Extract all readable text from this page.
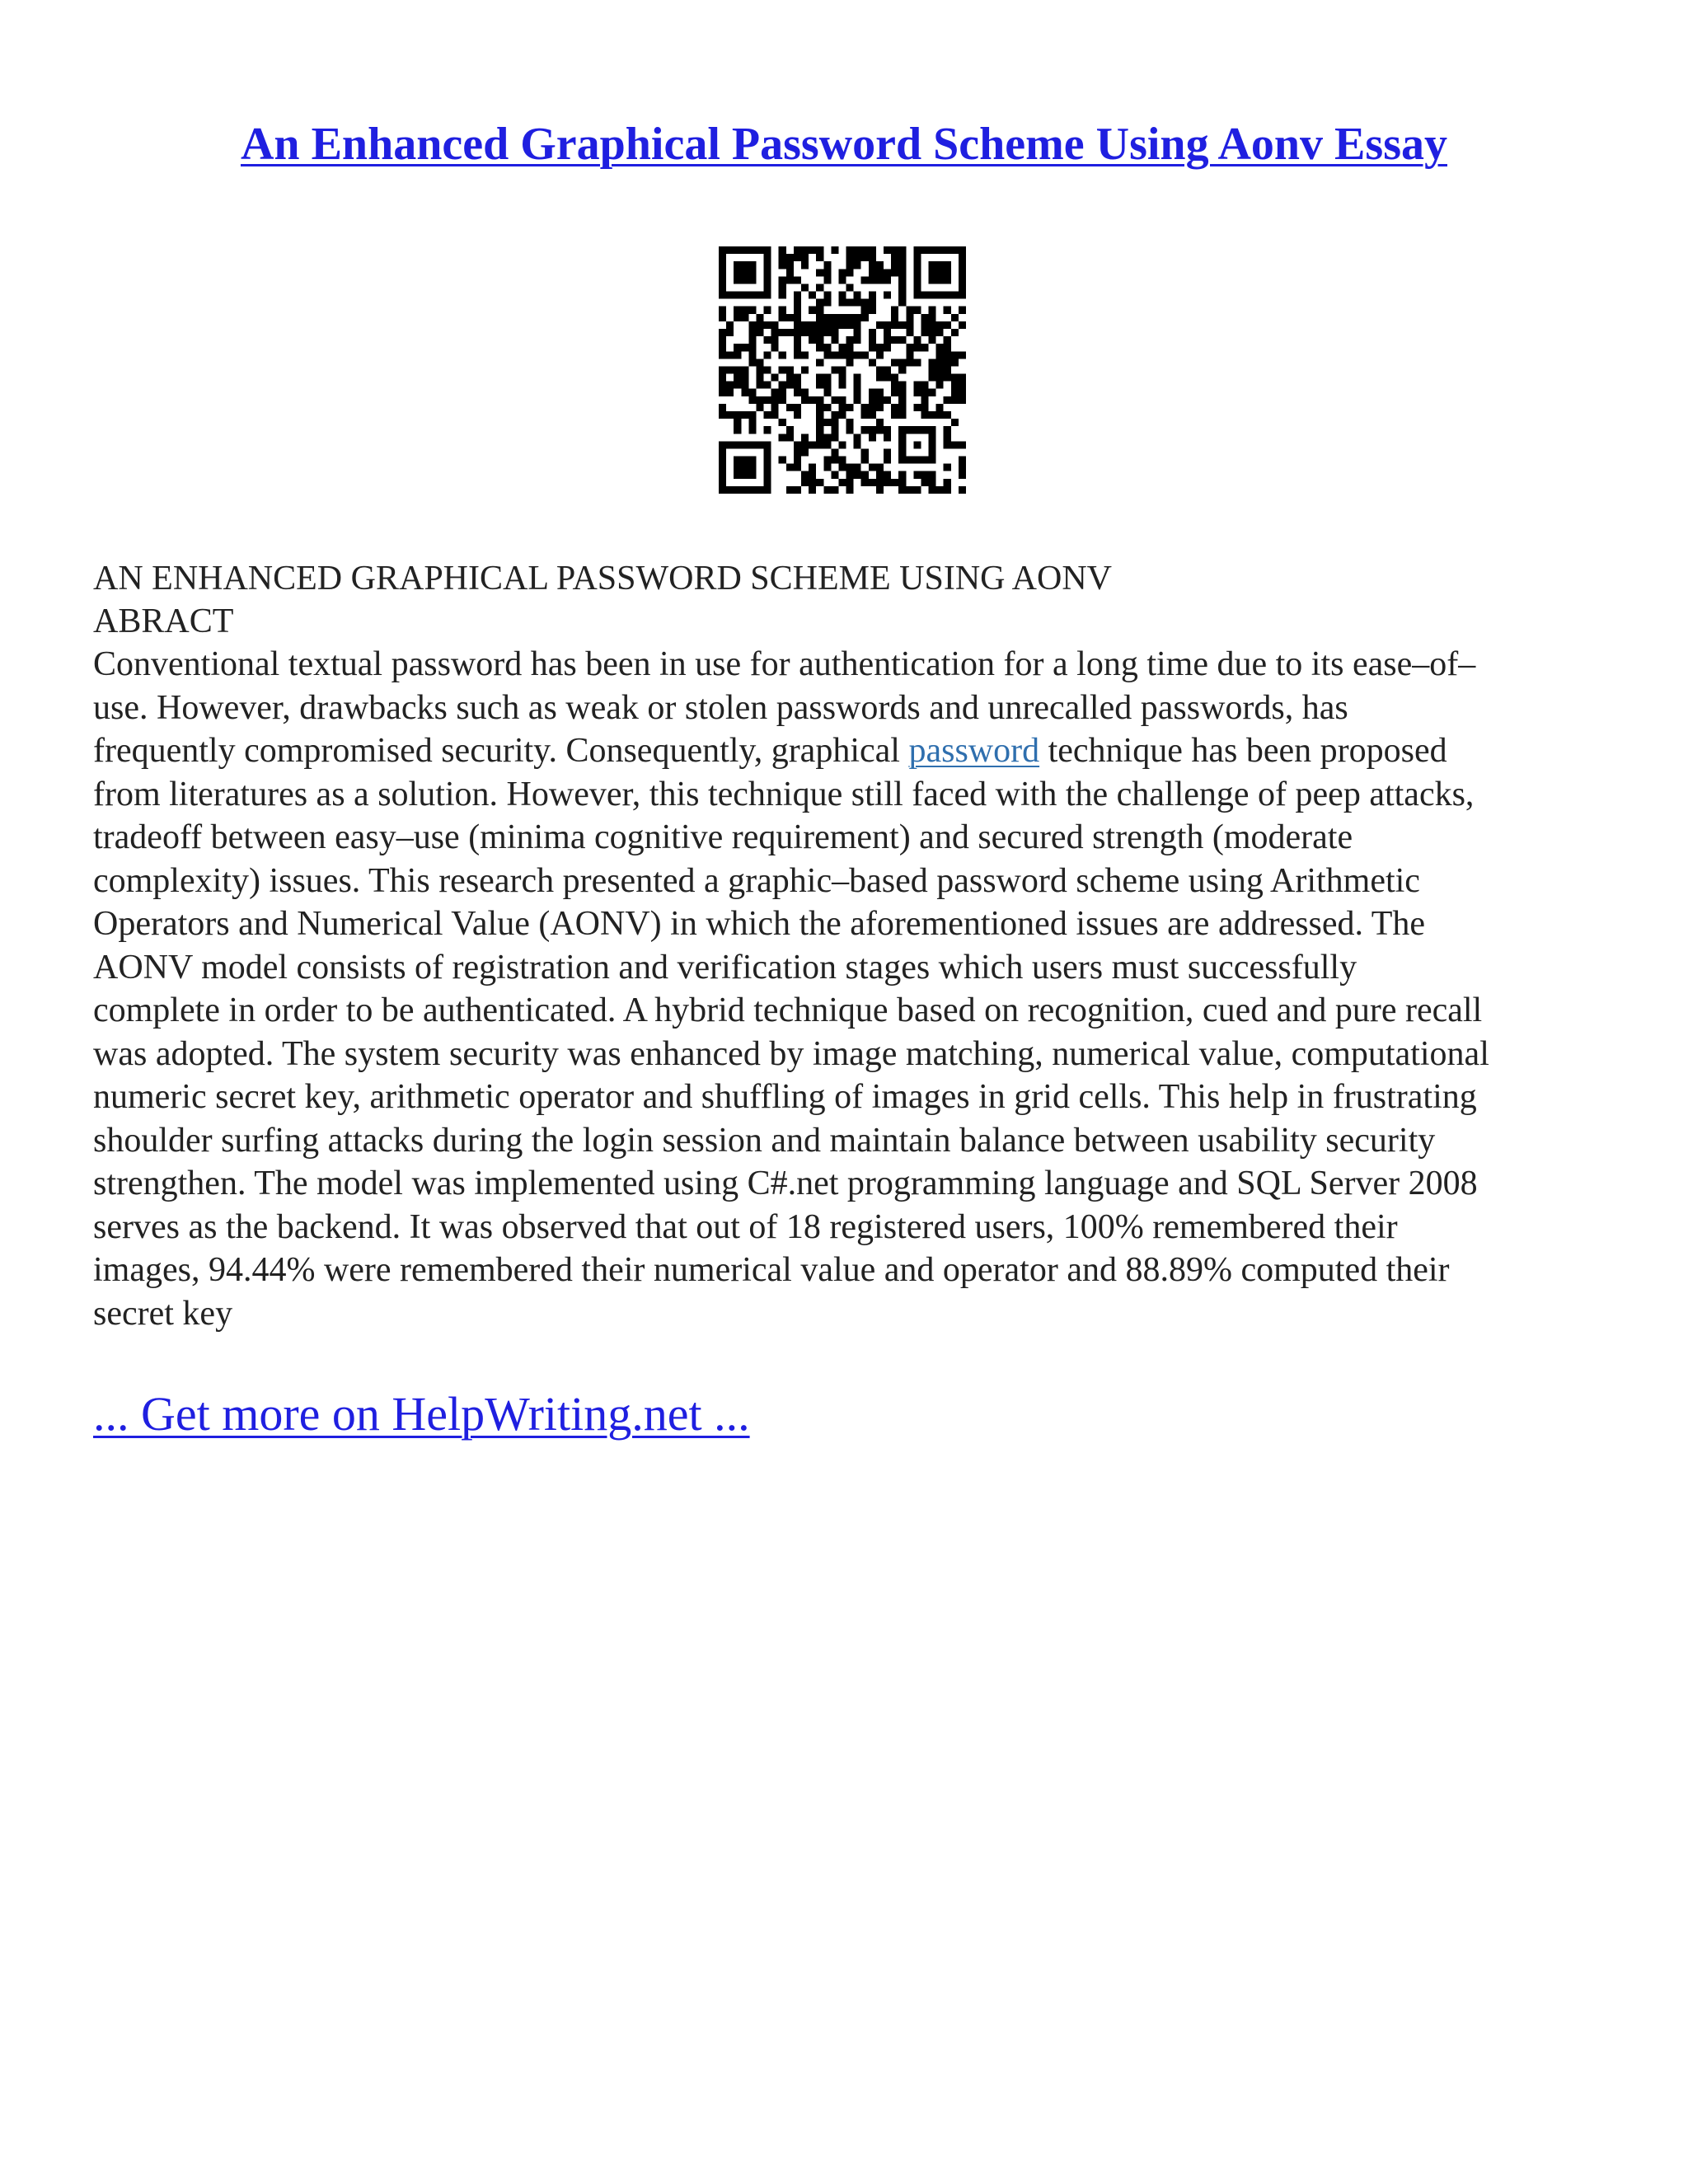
An Enhanced Graphical Password Scheme Using Aonv Essay

AN ENHANCED GRAPHICAL PASSWORD SCHEME USING AONV

ABRACT

Conventional textual password has been in use for authentication for a long time due to its ease–of–
use. However, drawbacks such as weak or stolen passwords and unrecalled passwords, has
frequently compromised security. Consequently, graphical password technique has been proposed
from literatures as a solution. However, this technique still faced with the challenge of peep attacks,
tradeoff between easy–use (minima cognitive requirement) and secured strength (moderate
complexity) issues. This research presented a graphic–based password scheme using Arithmetic
Operators and Numerical Value (AONV) in which the aforementioned issues are addressed. The
AONV model consists of registration and verification stages which users must successfully
complete in order to be authenticated. A hybrid technique based on recognition, cued and pure recall
was adopted. The system security was enhanced by image matching, numerical value, computational
numeric secret key, arithmetic operator and shuffling of images in grid cells. This help in frustrating
shoulder surfing attacks during the login session and maintain balance between usability security
strengthen. The model was implemented using C#.net programming language and SQL Server 2008
serves as the backend. It was observed that out of 18 registered users, 100% remembered their
images, 94.44% were remembered their numerical value and operator and 88.89% computed their
secret key

... Get more on HelpWriting.net ...
